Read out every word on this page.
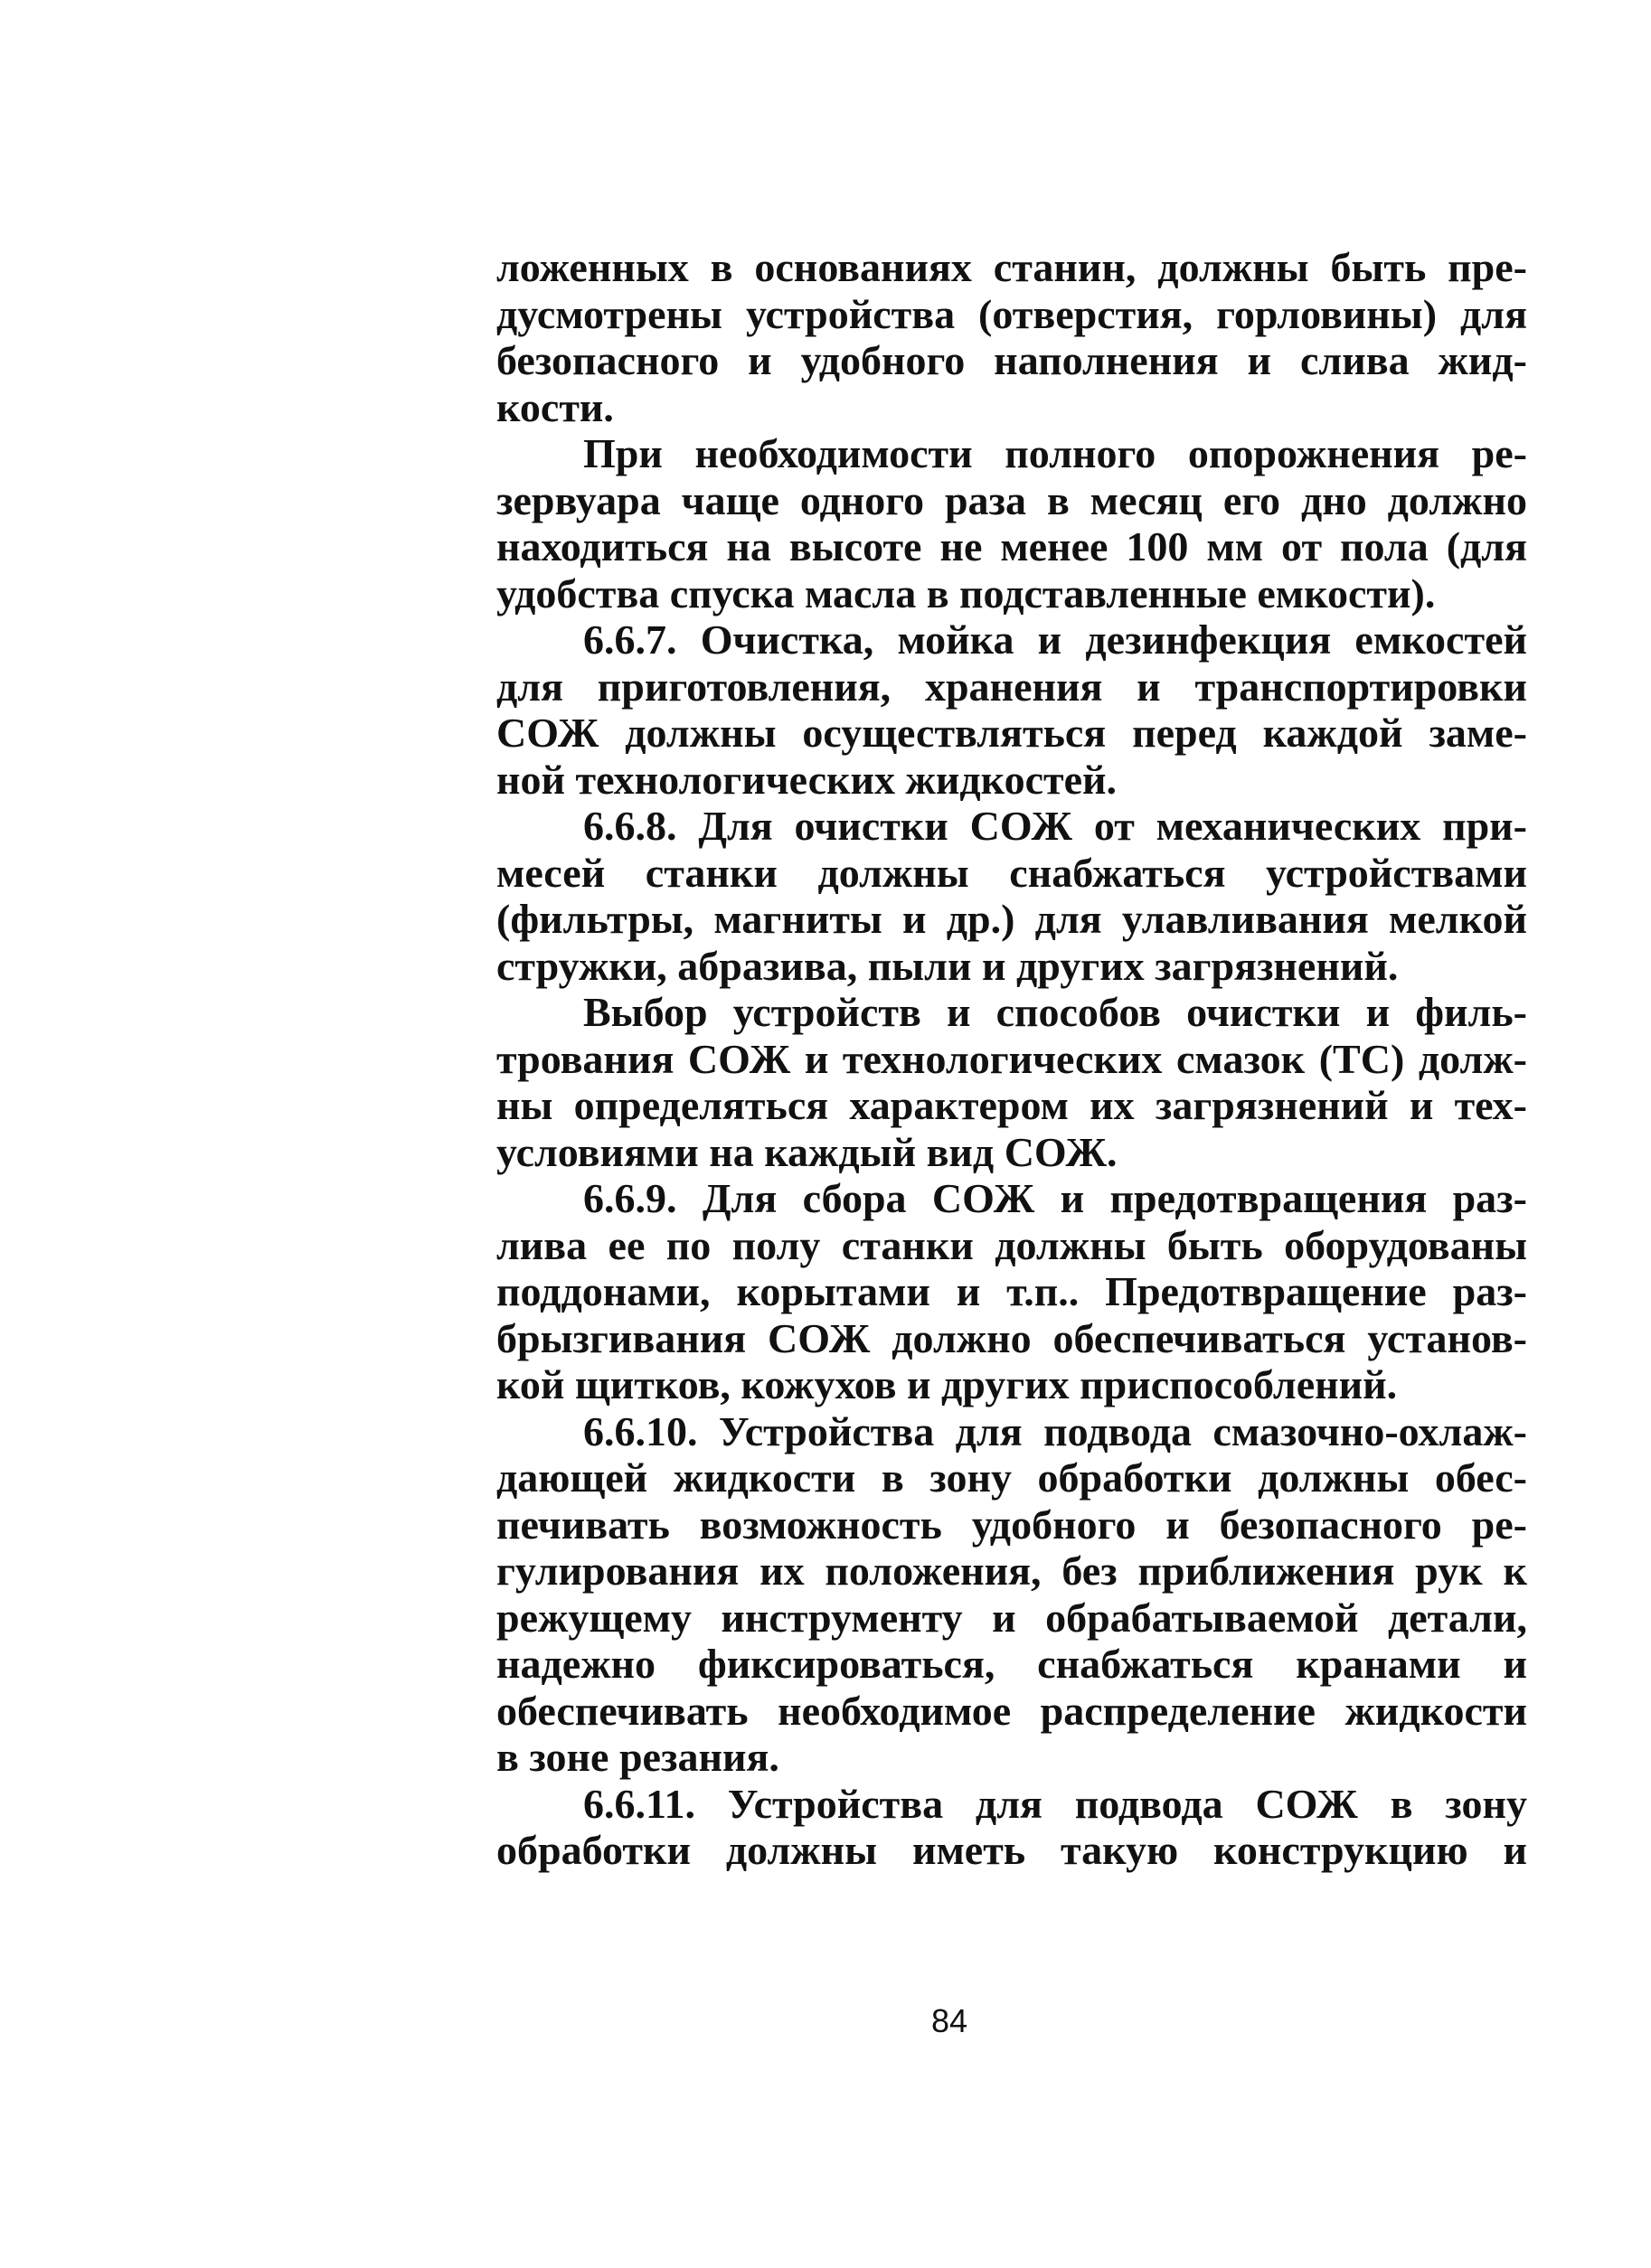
ложенных в основаниях станин, должны быть пре-
дусмотрены устройства (отверстия, горловины) для
безопасного и удобного наполнения и слива жид-
кости.
При необходимости полного опорожнения ре-
зервуара чаще одного раза в месяц его дно должно
находиться на высоте не менее 100 мм от пола (для
удобства спуска масла в подставленные емкости).
6.6.7. Очистка, мойка и дезинфекция емкостей
для приготовления, хранения и транспортировки
СОЖ должны осуществляться перед каждой заме-
ной технологических жидкостей.
6.6.8. Для очистки СОЖ от механических при-
месей станки должны снабжаться устройствами
(фильтры, магниты и др.) для улавливания мелкой
стружки, абразива, пыли и других загрязнений.
Выбор устройств и способов очистки и филь-
трования СОЖ и технологических смазок (ТС) долж-
ны определяться характером их загрязнений и тех-
условиями на каждый вид СОЖ.
6.6.9. Для сбора СОЖ и предотвращения раз-
лива ее по полу станки должны быть оборудованы
поддонами, корытами и т.п.. Предотвращение раз-
брызгивания СОЖ должно обеспечиваться установ-
кой щитков, кожухов и других приспособлений.
6.6.10. Устройства для подвода смазочно-охлаж-
дающей жидкости в зону обработки должны обес-
печивать возможность удобного и безопасного ре-
гулирования их положения, без приближения рук к
режущему инструменту и обрабатываемой детали,
надежно фиксироваться, снабжаться кранами и
обеспечивать необходимое распределение жидкости
в зоне резания.
6.6.11. Устройства для подвода СОЖ в зону
обработки должны иметь такую конструкцию и
84
